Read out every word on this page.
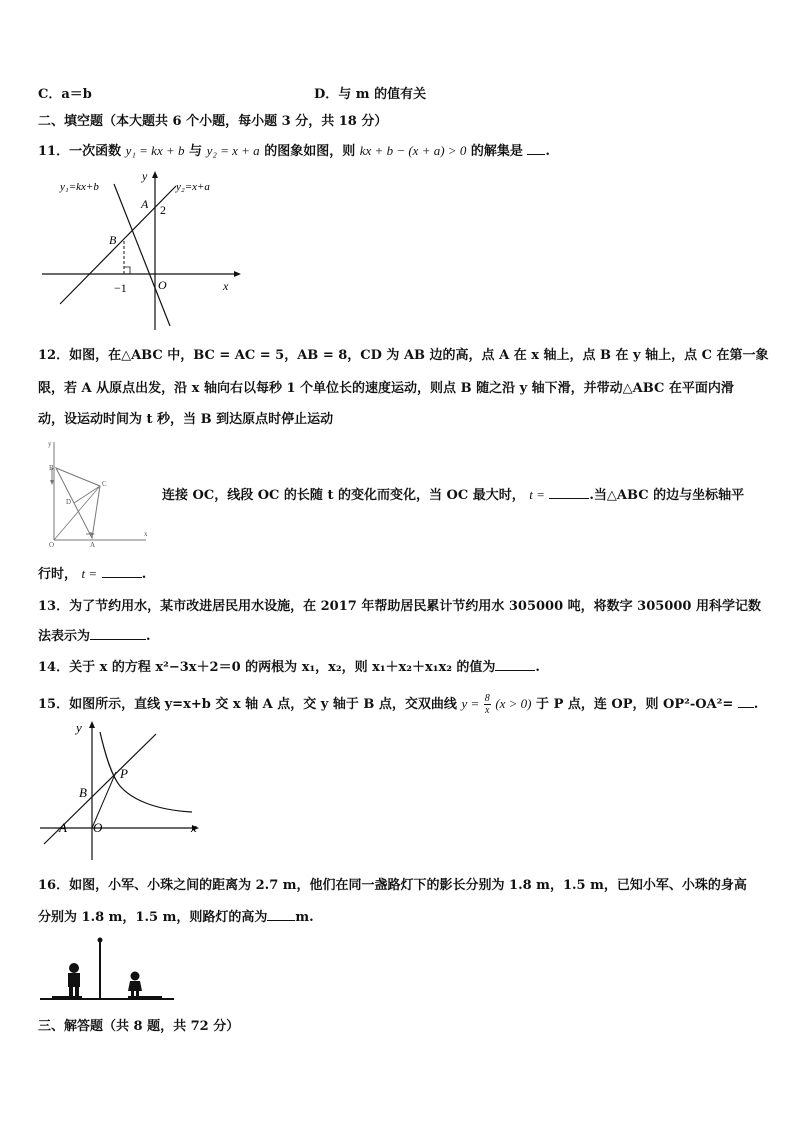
C．a＝b	D．与 m 的值有关
二、填空题（本大题共 6 个小题，每小题 3 分，共 18 分）
11．一次函数 y₁ = kx + b 与 y₂ = x + a 的图象如图，则 kx + b − (x + a) > 0 的解集是 .
y₁=kx+b	y₂=x+a
y
x
A
B
O
2
−1
12．如图，在△ABC 中，BC = AC = 5，AB = 8，CD 为 AB 边的高，点 A 在 x 轴上，点 B 在 y 轴上，点 C 在第一象
限，若 A 从原点出发，沿 x 轴向右以每秒 1 个单位长的速度运动，则点 B 随之沿 y 轴下滑，并带动△ABC 在平面内滑
动，设运动时间为 t 秒，当 B 到达原点时停止运动
y
x
B
C
D
O	A
连接 OC，线段 OC 的长随 t 的变化而变化，当 OC 最大时， t =	.当△ABC 的边与坐标轴平
行时， t =	.
13．为了节约用水，某市改进居民用水设施，在 2017 年帮助居民累计节约用水 305000 吨，将数字 305000 用科学记数
法表示为	.
14．关于 x 的方程 x²−3x＋2＝0 的两根为 x₁，x₂，则 x₁＋x₂＋x₁x₂ 的值为	.
15．如图所示，直线 y=x+b 交 x 轴 A 点，交 y 轴于 B 点，交双曲线 $y = \frac{8}{x} (x > 0)$ 于 P 点，连 OP，则 OP²-OA²= .
y
x
P
B
A O
16．如图，小军、小珠之间的距离为 2.7 m，他们在同一盏路灯下的影长分别为 1.8 m，1.5 m，已知小军、小珠的身高
分别为 1.8 m，1.5 m，则路灯的高为 m.
三、解答题（共 8 题，共 72 分）
